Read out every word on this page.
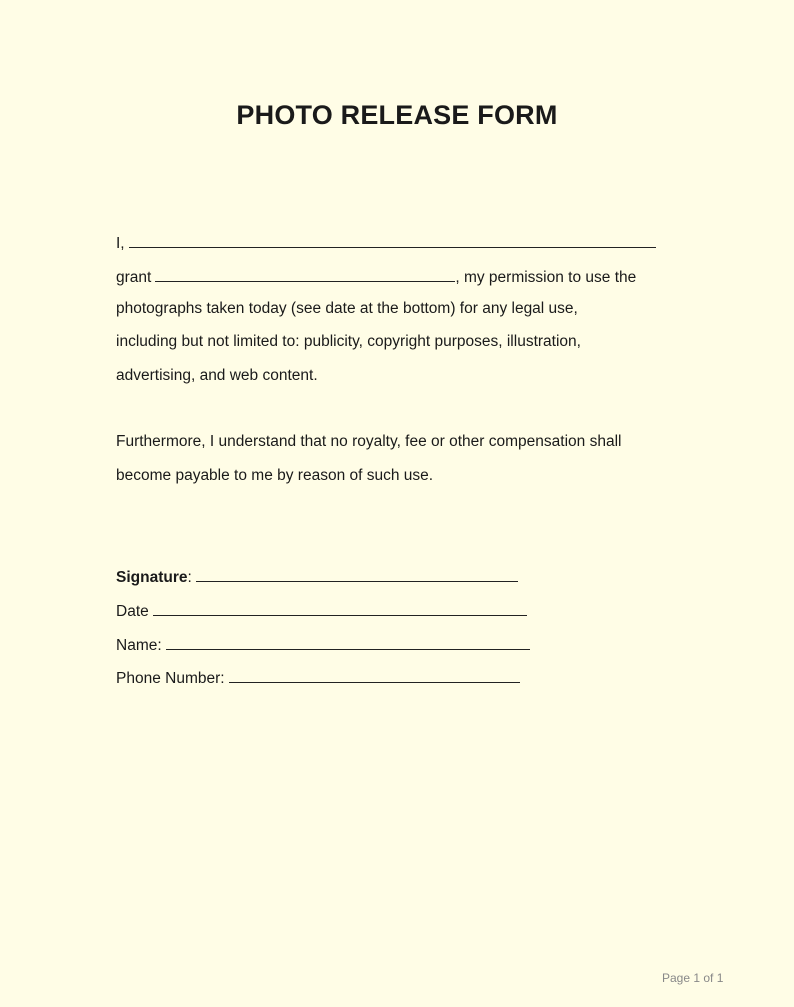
PHOTO RELEASE FORM
I,
grant	, my permission to use the
photographs taken today (see date at the bottom) for any legal use,
including but not limited to: publicity, copyright purposes, illustration,
advertising, and web content.
Furthermore, I understand that no royalty, fee or other compensation shall
become payable to me by reason of such use.
Signature:
Date
Name:
Phone Number:
Page 1 of 1
